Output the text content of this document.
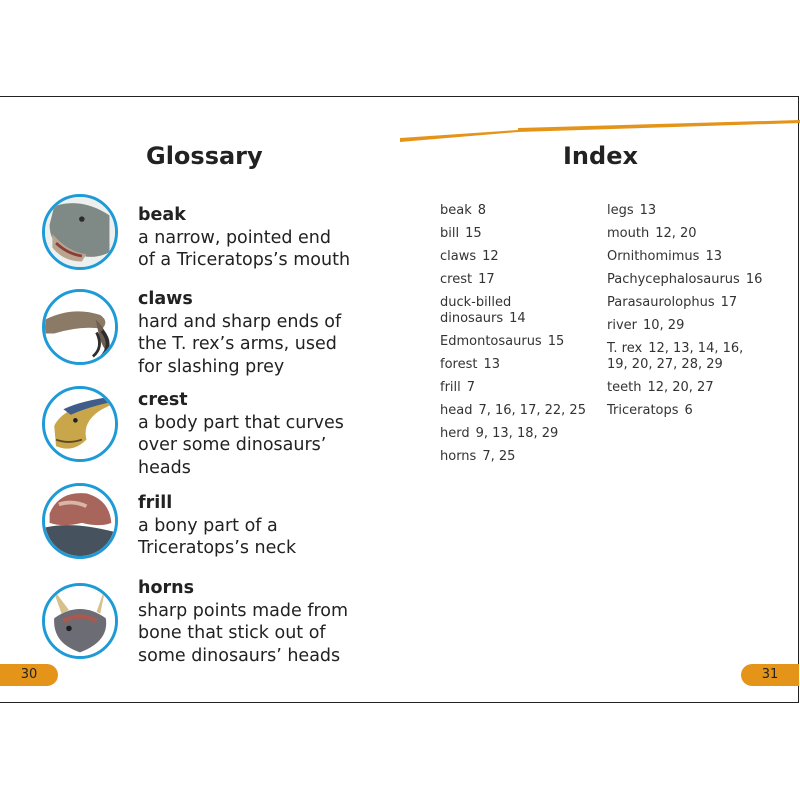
Glossary	Index
beak
a narrow, pointed end
of a Triceratops’s mouth
claws
hard and sharp ends of
the T. rex’s arms, used
for slashing prey
crest
a body part that curves
over some dinosaurs’
heads
frill
a bony part of a
Triceratops’s neck
horns
sharp points made from
bone that stick out of
some dinosaurs’ heads
beak 8
bill 15
claws 12
crest 17
duck-billed dinosaurs 14
Edmontosaurus 15
forest 13
frill 7
head 7, 16, 17, 22, 25
herd 9, 13, 18, 29
horns 7, 25
legs 13
mouth 12, 20
Ornithomimus 13
Pachycephalosaurus 16
Parasaurolophus 17
river 10, 29
T. rex 12, 13, 14, 16, 19, 20, 27, 28, 29
teeth 12, 20, 27
Triceratops 6
30	31
